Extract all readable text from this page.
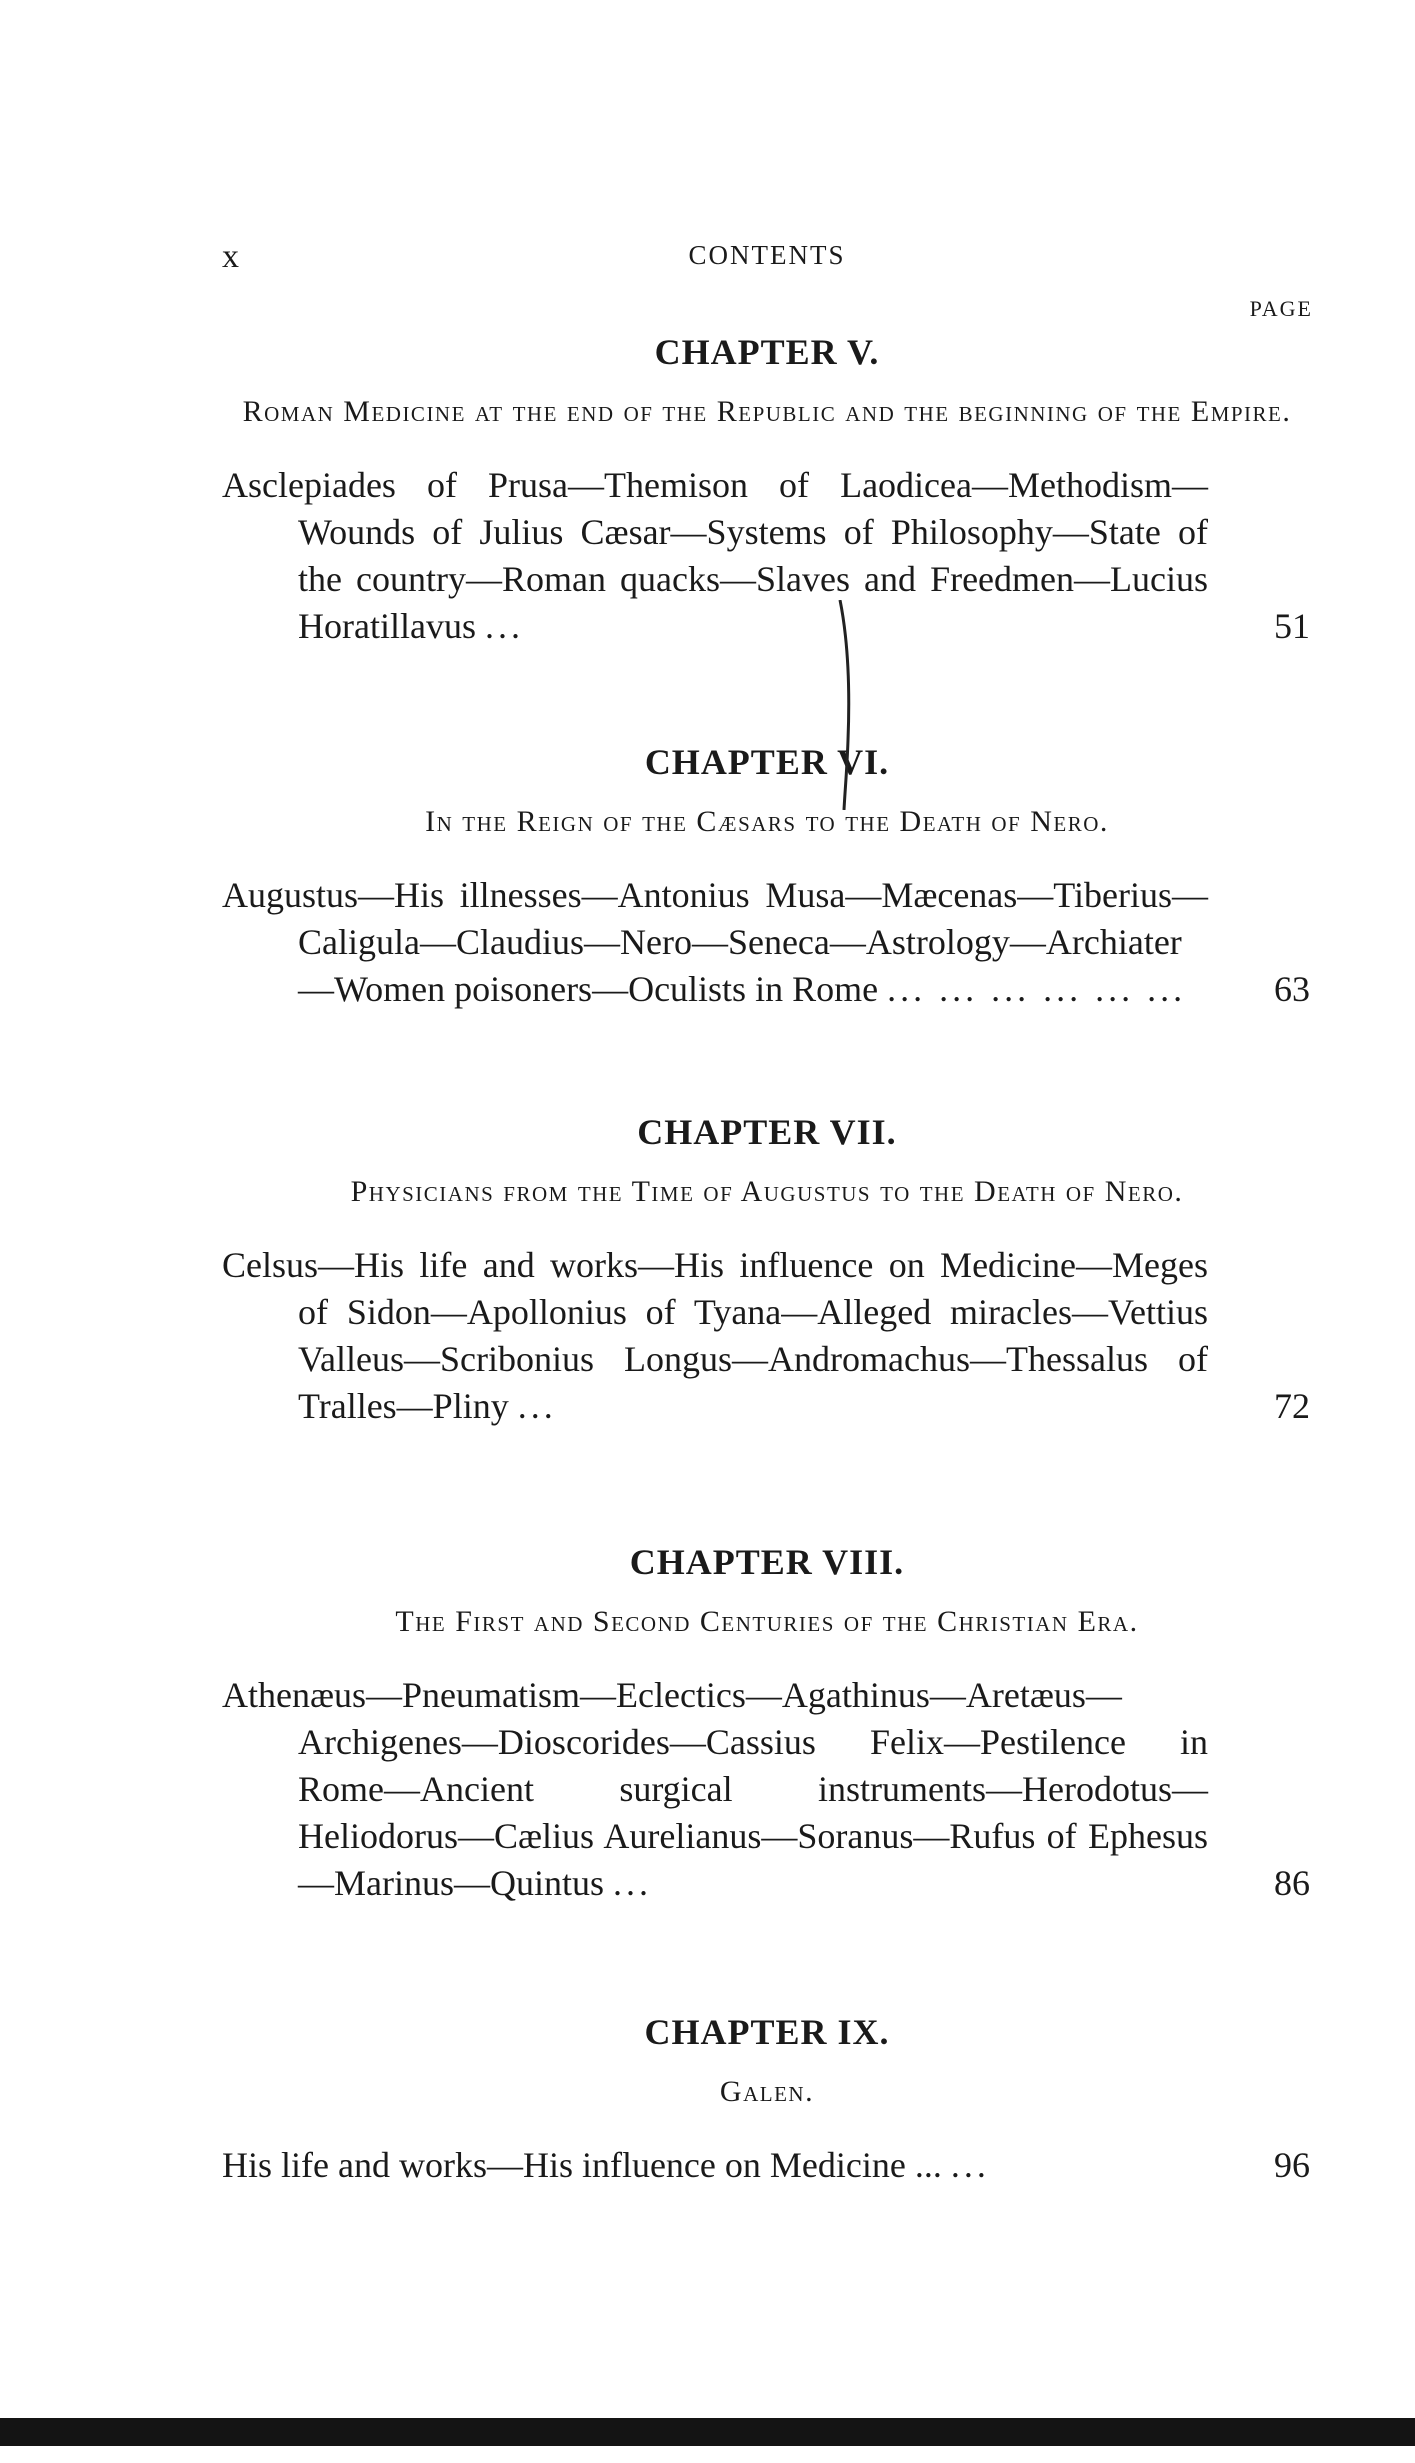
x	CONTENTS
PAGE
CHAPTER V.

Roman Medicine at the end of the Republic and the beginning of the Empire.

Asclepiades of Prusa—Themison of Laodicea—Methodism—Wounds of Julius Cæsar—Systems of Philosophy—State of the country—Roman quacks—Slaves and Freedmen—Lucius Horatillavus ...	51

CHAPTER VI.

In the Reign of the Cæsars to the Death of Nero.

Augustus—His illnesses—Antonius Musa—Mæcenas—Tiberius—Caligula—Claudius—Nero—Seneca—Astrology—Archiater—Women poisoners—Oculists in Rome ... ... ... ... ... ... 63

CHAPTER VII.

Physicians from the Time of Augustus to the Death of Nero.

Celsus—His life and works—His influence on Medicine—Meges of Sidon—Apollonius of Tyana—Alleged miracles—Vettius Valleus—Scribonius Longus—Andromachus—Thessalus of Tralles—Pliny ...	72

CHAPTER VIII.

The First and Second Centuries of the Christian Era.

Athenæus—Pneumatism—Eclectics—Agathinus—Aretæus—Archigenes—Dioscorides—Cassius Felix—Pestilence in Rome—Ancient surgical instruments—Herodotus—Heliodorus—Cælius Aurelianus—Soranus—Rufus of Ephesus—Marinus—Quintus ...	86

CHAPTER IX.

Galen.

His life and works—His influence on Medicine ... ...	96
